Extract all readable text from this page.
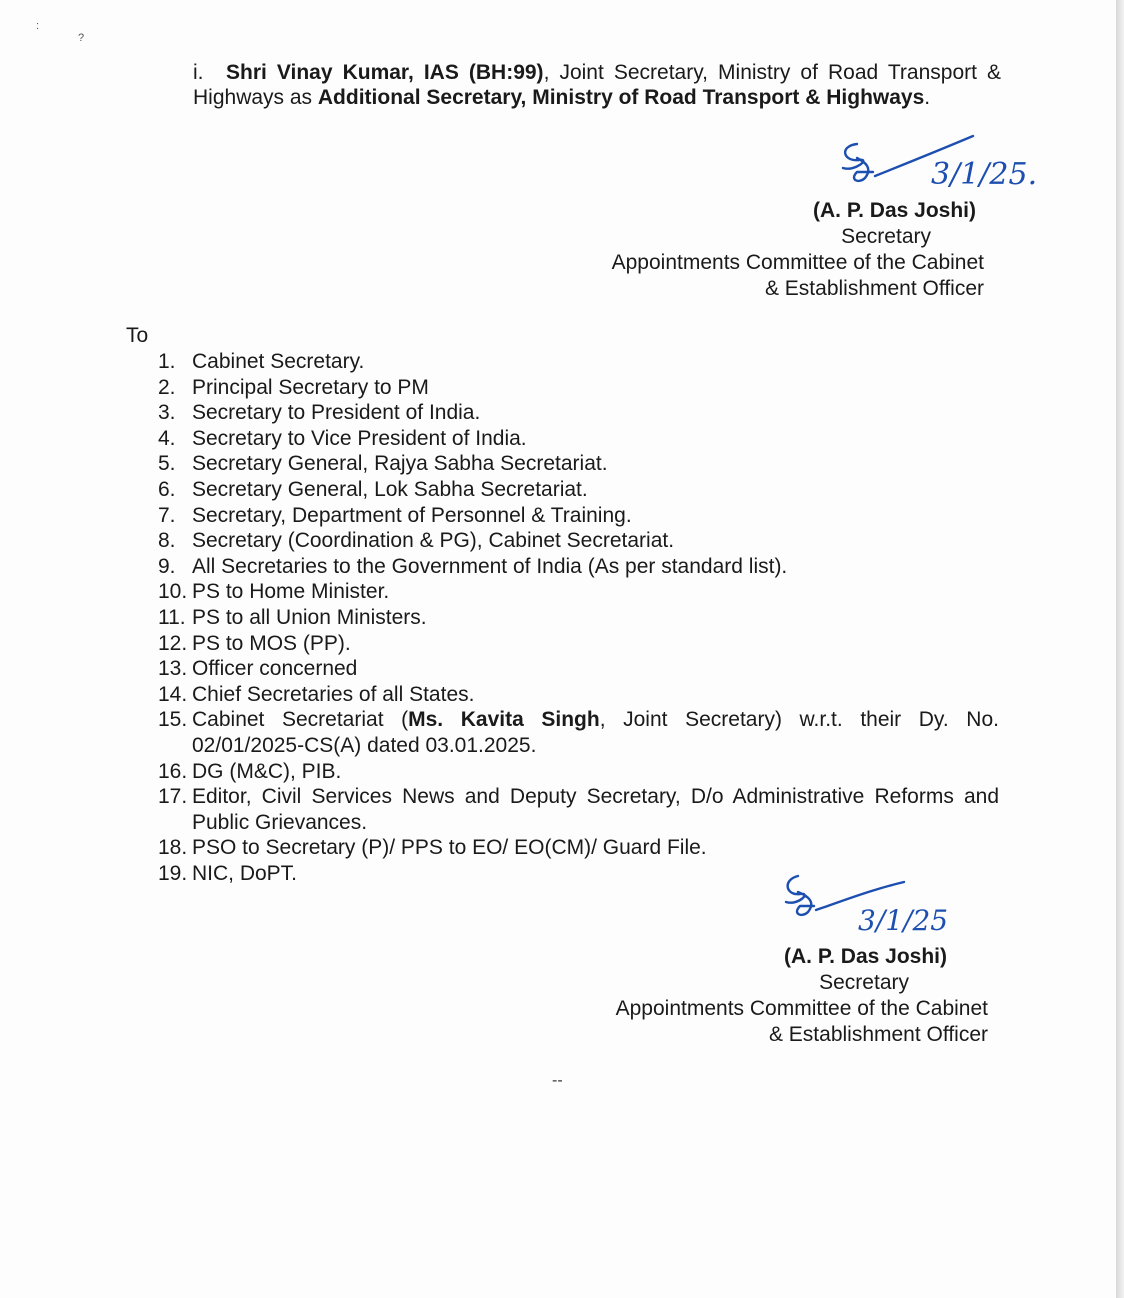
:
?
i. Shri Vinay Kumar, IAS (BH:99), Joint Secretary, Ministry of Road Transport & Highways as Additional Secretary, Ministry of Road Transport & Highways.
3/1/25.
(A. P. Das Joshi)
Secretary
Appointments Committee of the Cabinet
& Establishment Officer
To
1. Cabinet Secretary.
2. Principal Secretary to PM
3. Secretary to President of India.
4. Secretary to Vice President of India.
5. Secretary General, Rajya Sabha Secretariat.
6. Secretary General, Lok Sabha Secretariat.
7. Secretary, Department of Personnel & Training.
8. Secretary (Coordination & PG), Cabinet Secretariat.
9. All Secretaries to the Government of India (As per standard list).
10. PS to Home Minister.
11. PS to all Union Ministers.
12. PS to MOS (PP).
13. Officer concerned
14. Chief Secretaries of all States.
15. Cabinet Secretariat (Ms. Kavita Singh, Joint Secretary) w.r.t. their Dy. No. 02/01/2025-CS(A) dated 03.01.2025.
16. DG (M&C), PIB.
17. Editor, Civil Services News and Deputy Secretary, D/o Administrative Reforms and Public Grievances.
18. PSO to Secretary (P)/ PPS to EO/ EO(CM)/ Guard File.
19. NIC, DoPT.
3/1/25
(A. P. Das Joshi)
Secretary
Appointments Committee of the Cabinet
& Establishment Officer
--
